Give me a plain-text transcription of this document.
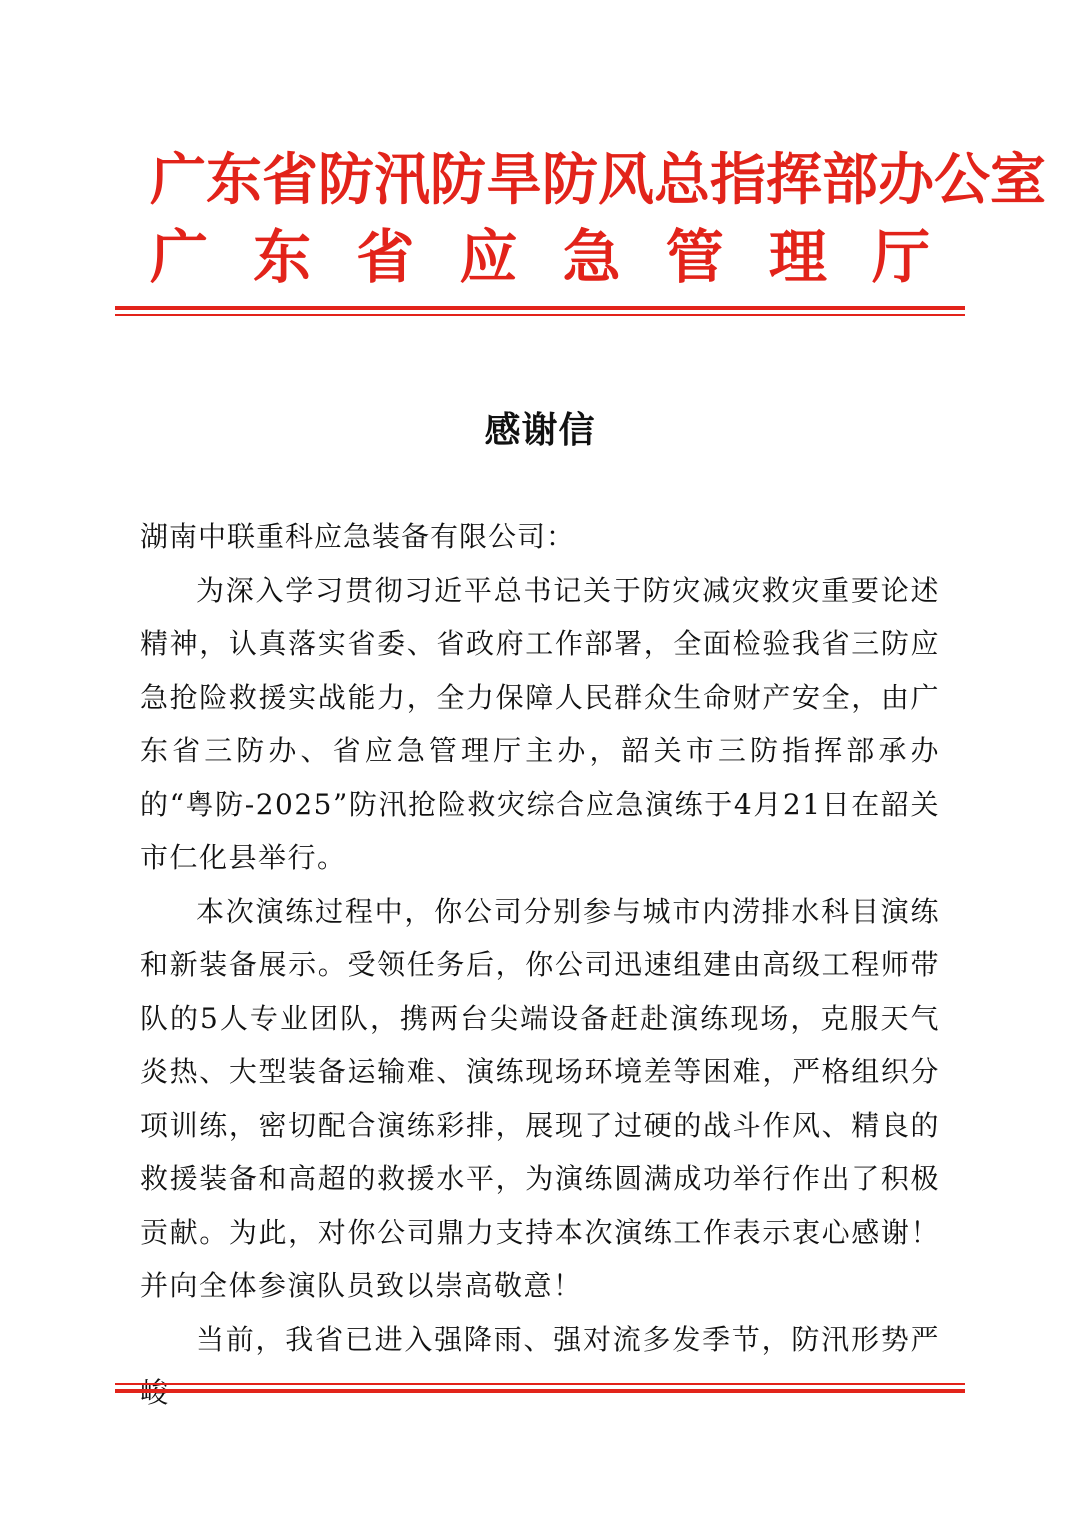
广东省防汛防旱防风总指挥部办公室
广东省应急管理厅
感谢信

湖南中联重科应急装备有限公司：

为深入学习贯彻习近平总书记关于防灾减灾救灾重要论述精神，认真落实省委、省政府工作部署，全面检验我省三防应急抢险救援实战能力，全力保障人民群众生命财产安全，由广东省三防办、省应急管理厅主办，韶关市三防指挥部承办的“粤防-2025”防汛抢险救灾综合应急演练于4月21日在韶关市仁化县举行。

本次演练过程中，你公司分别参与城市内涝排水科目演练和新装备展示。受领任务后，你公司迅速组建由高级工程师带队的5人专业团队，携两台尖端设备赶赴演练现场，克服天气炎热、大型装备运输难、演练现场环境差等困难，严格组织分项训练，密切配合演练彩排，展现了过硬的战斗作风、精良的救援装备和高超的救援水平，为演练圆满成功举行作出了积极贡献。为此，对你公司鼎力支持本次演练工作表示衷心感谢！并向全体参演队员致以崇高敬意！

当前，我省已进入强降雨、强对流多发季节，防汛形势严
